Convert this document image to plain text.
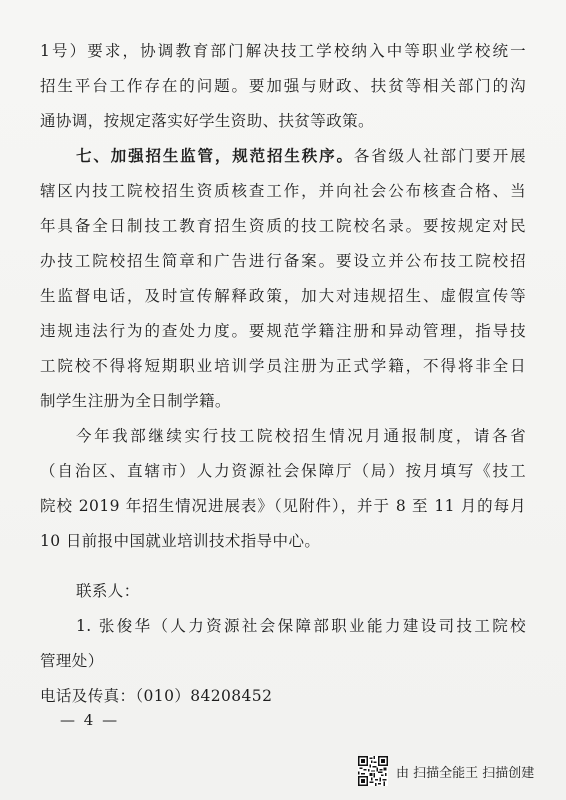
1号）要求，协调教育部门解决技工学校纳入中等职业学校统一
招生平台工作存在的问题。要加强与财政、扶贫等相关部门的沟
通协调，按规定落实好学生资助、扶贫等政策。
七、加强招生监管，规范招生秩序。各省级人社部门要开展
辖区内技工院校招生资质核查工作，并向社会公布核查合格、当
年具备全日制技工教育招生资质的技工院校名录。要按规定对民
办技工院校招生简章和广告进行备案。要设立并公布技工院校招
生监督电话，及时宣传解释政策，加大对违规招生、虚假宣传等
违规违法行为的查处力度。要规范学籍注册和异动管理，指导技
工院校不得将短期职业培训学员注册为正式学籍，不得将非全日
制学生注册为全日制学籍。
今年我部继续实行技工院校招生情况月通报制度，请各省
（自治区、直辖市）人力资源社会保障厅（局）按月填写《技工
院校 2019 年招生情况进展表》（见附件），并于 8 至 11 月的每月
10 日前报中国就业培训技术指导中心。
联系人：
1. 张俊华（人力资源社会保障部职业能力建设司技工院校
管理处）
电话及传真：（010）84208452
— 4 —
由 扫描全能王 扫描创建
